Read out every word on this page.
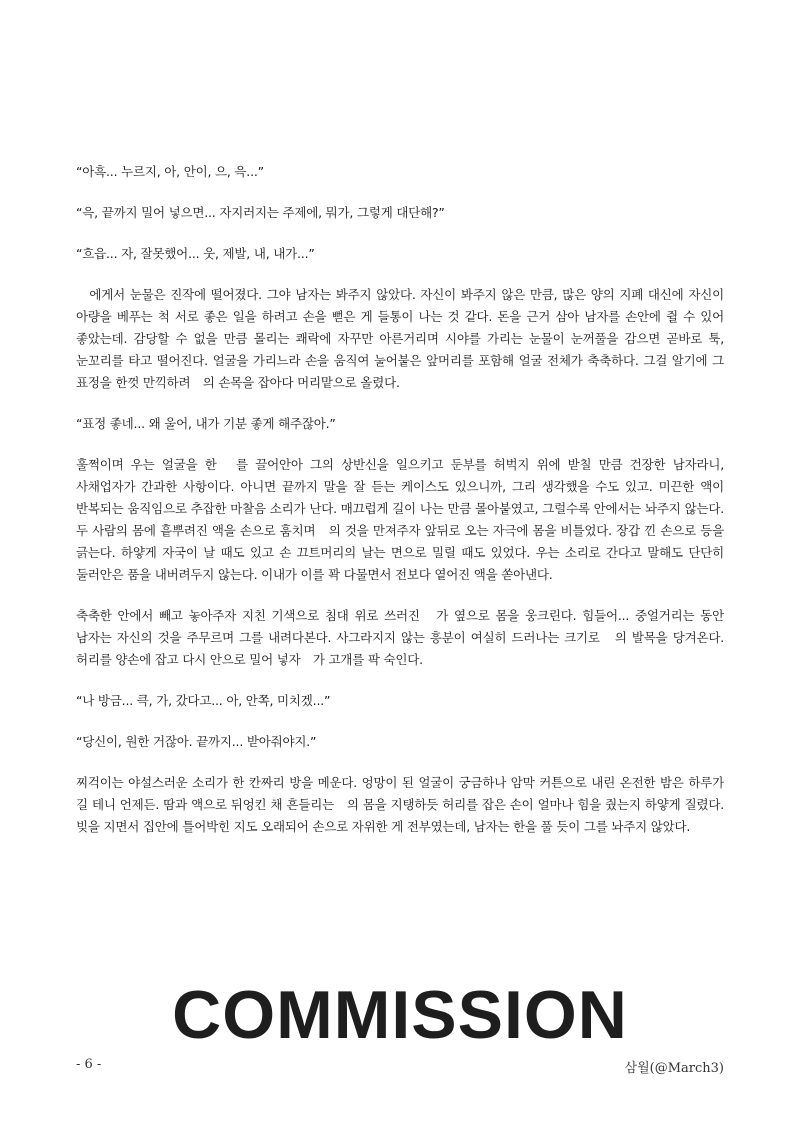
“아흑... 누르지, 아, 안이, 으, 윽...”

“윽, 끝까지 밀어 넣으면... 자지러지는 주제에, 뭐가, 그렇게 대단해?”

“흐읍... 자, 잘못했어... 웃, 제발, 내, 내가...”

　에게서 눈물은 진작에 떨어졌다. 그야 남자는 봐주지 않았다. 자신이 봐주지 않은 만큼, 많은 양의 지폐 대신에 자신이 아량을 베푸는 척 서로 좋은 일을 하려고 손을 뻗은 게 들통이 나는 것 같다. 돈을 근거 삼아 남자를 손안에 쥘 수 있어 좋았는데. 감당할 수 없을 만큼 몰리는 쾌락에 자꾸만 아른거리며 시야를 가리는 눈물이 눈꺼풀을 감으면 곧바로 툭, 눈꼬리를 타고 떨어진다. 얼굴을 가리느라 손을 움직여 눌어붙은 앞머리를 포함해 얼굴 전체가 축축하다. 그걸 알기에 그 표정을 한껏 만끽하려　의 손목을 잡아다 머리맡으로 올렸다.

“표정 좋네... 왜 울어, 내가 기분 좋게 해주잖아.”

훌쩍이며 우는 얼굴을 한　를 끌어안아 그의 상반신을 일으키고 둔부를 허벅지 위에 받칠 만큼 건장한 남자라니, 사채업자가 간과한 사항이다. 아니면 끝까지 말을 잘 듣는 케이스도 있으니까, 그리 생각했을 수도 있고. 미끈한 액이 반복되는 움직임으로 추잡한 마찰음 소리가 난다. 매끄럽게 길이 나는 만큼 몰아붙였고, 그럴수록 안에서는 놔주지 않는다. 두 사람의 몸에 흩뿌려진 액을 손으로 훔치며　의 것을 만져주자 앞뒤로 오는 자극에 몸을 비틀었다. 장갑 낀 손으로 등을 긁는다. 하얗게 자국이 날 때도 있고 손 끄트머리의 날는 면으로 밀릴 때도 있었다. 우는 소리로 간다고 말해도 단단히 둘러안은 품을 내버려두지 않는다. 이내가 이를 꽉 다물면서 전보다 옅어진 액을 쏟아낸다.

축축한 안에서 빼고 놓아주자 지친 기색으로 침대 위로 쓰러진　가 옆으로 몸을 웅크린다. 힘들어... 중얼거리는 동안 남자는 자신의 것을 주무르며 그를 내려다본다. 사그라지지 않는 흥분이 여실히 드러나는 크기로　의 발목을 당겨온다. 허리를 양손에 잡고 다시 안으로 밀어 넣자　가 고개를 팍 숙인다.

“나 방금... 큭, 가, 갔다고... 아, 안쪽, 미치겠...”

“당신이, 원한 거잖아. 끝까지... 받아줘야지.”

찌걱이는 야설스러운 소리가 한 칸짜리 방을 메운다. 엉망이 된 얼굴이 궁금하나 암막 커튼으로 내린 온전한 밤은 하루가 길 테니 언제든. 땀과 액으로 뒤엉킨 채 흔들리는　의 몸을 지탱하듯 허리를 잡은 손이 얼마나 힘을 줬는지 하얗게 질렸다. 빚을 지면서 집안에 틀어박힌 지도 오래되어 손으로 자위한 게 전부였는데, 남자는 한을 풀 듯이 그를 놔주지 않았다.

COMMISSION
- 6 -	삼월(@March3)
